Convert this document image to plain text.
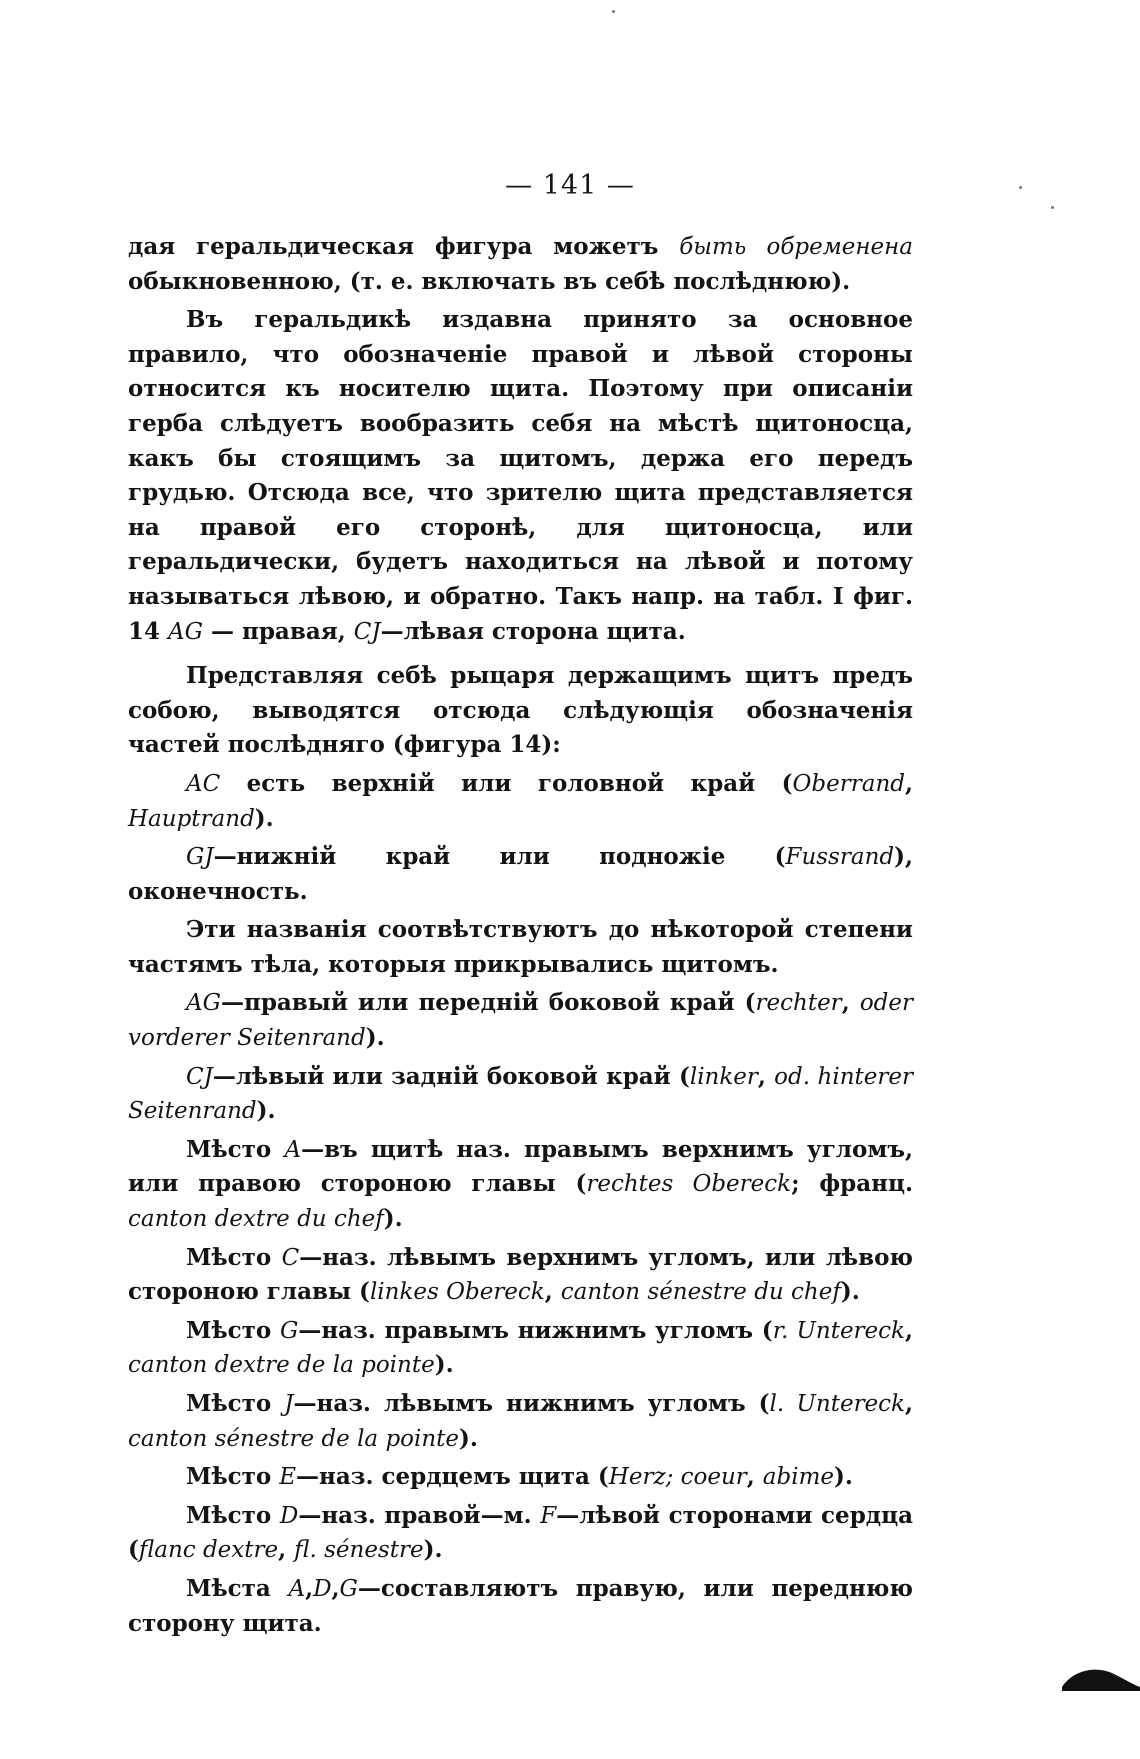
— 141 —

дая геральдическая фигура можетъ быть обременена обыкновенною, (т. е. включать въ себѣ послѣднюю).

Въ геральдикѣ издавна принято за основное правило, что обозначеніе правой и лѣвой стороны относится къ носителю щита. Поэтому при описаніи герба слѣдуетъ вообразить себя на мѣстѣ щитоносца, какъ бы стоящимъ за щитомъ, держа его передъ грудью. Отсюда все, что зрителю щита представляется на правой его сторонѣ, для щитоносца, или геральдически, будетъ находиться на лѣвой и потому называться лѣвою, и обратно. Такъ напр. на табл. I фиг. 14 AG — правая, CJ—лѣвая сторона щита.

Представляя себѣ рыцаря держащимъ щитъ предъ собою, выводятся отсюда слѣдующія обозначенія частей послѣдняго (фигура 14):

AC есть верхній или головной край (Oberrand, Hauptrand).

GJ—нижній край или подножіе (Fussrand), оконечность.

Эти названія соотвѣтствуютъ до нѣкоторой степени частямъ тѣла, которыя прикрывались щитомъ.

AG—правый или передній боковой край (rechter, oder vorderer Seitenrand).

CJ—лѣвый или задній боковой край (linker, od. hinterer Seitenrand).

Мѣсто A—въ щитѣ наз. правымъ верхнимъ угломъ, или правою стороною главы (rechtes Obereck; франц. canton dextre du chef).

Мѣсто C—наз. лѣвымъ верхнимъ угломъ, или лѣвою стороною главы (linkes Obereck, canton sénestre du chef).

Мѣсто G—наз. правымъ нижнимъ угломъ (r. Untereck, canton dextre de la pointe).

Мѣсто J—наз. лѣвымъ нижнимъ угломъ (l. Untereck, canton sénestre de la pointe).

Мѣсто E—наз. сердцемъ щита (Herz; coeur, abime).

Мѣсто D—наз. правой—м. F—лѣвой сторонами сердца (flanc dextre, fl. sénestre).

Мѣста A,D,G—составляютъ правую, или переднюю сторону щита.
